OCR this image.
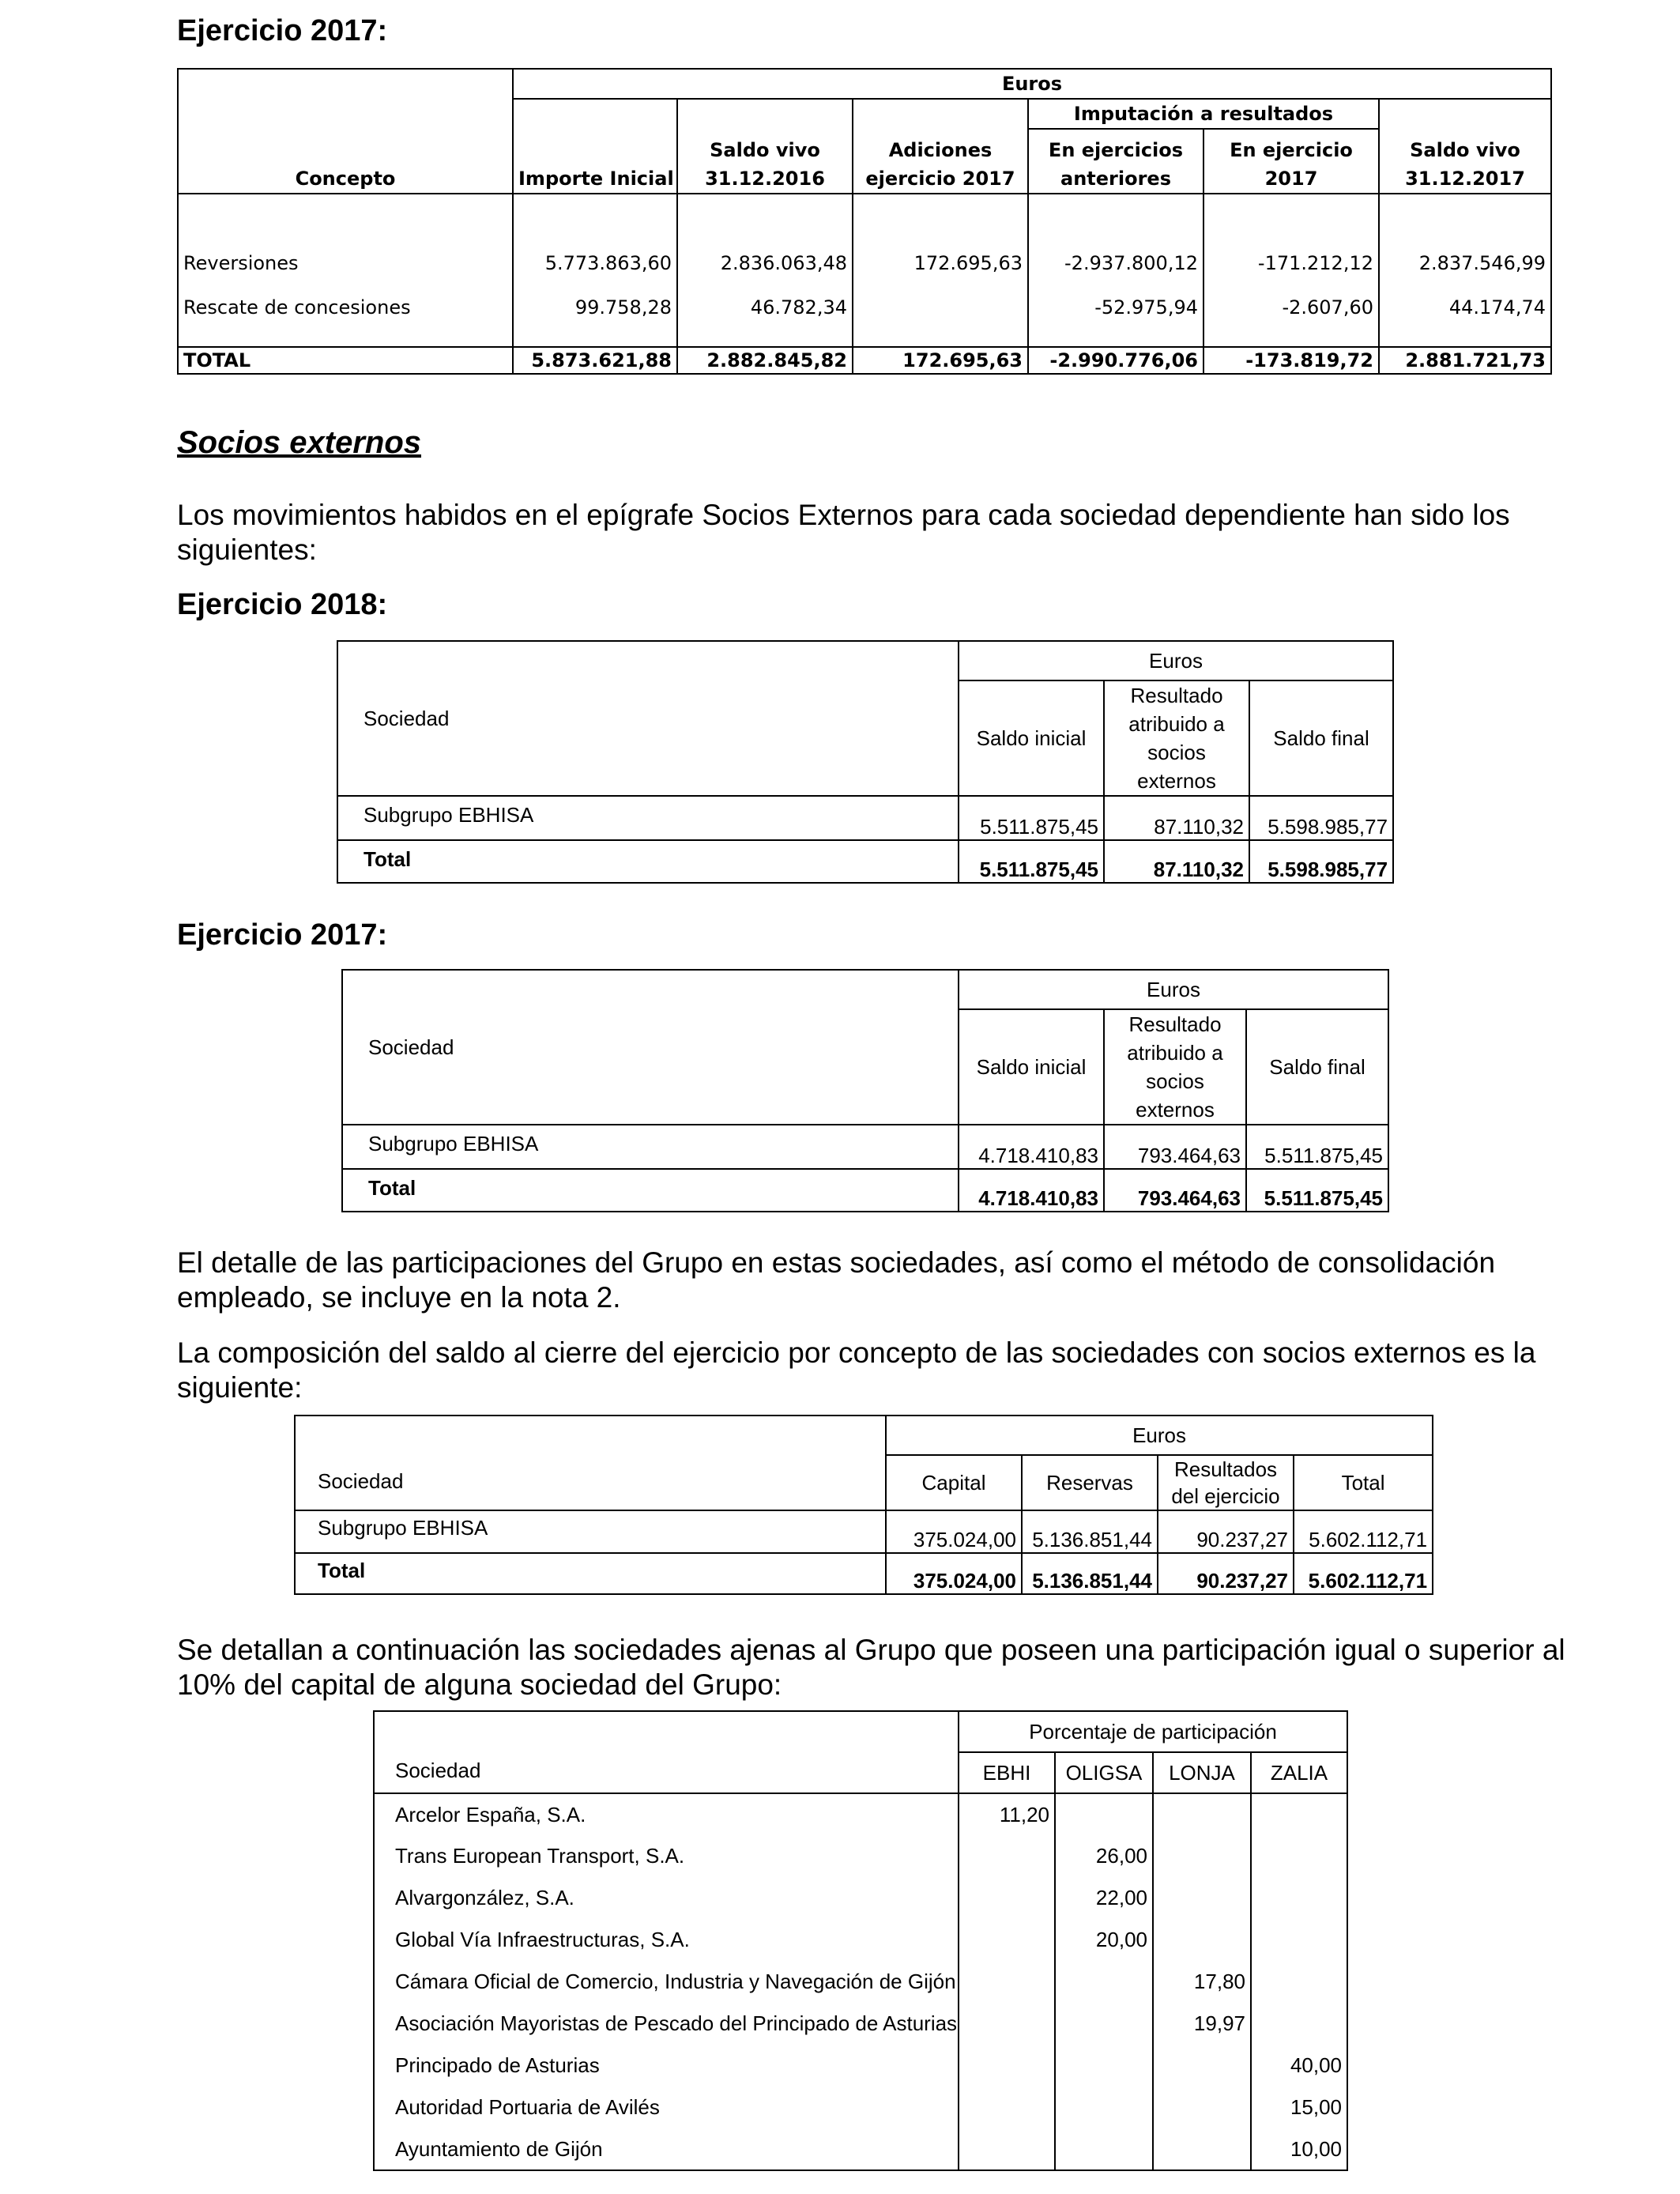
Ejercicio 2017:
Concepto	Euros					
	Importe Inicial	Saldo vivo 31.12.2016	Adiciones ejercicio 2017	Imputación a resultados		Saldo vivo 31.12.2017
				En ejercicios anteriores	En ejercicio 2017	
Reversiones	5.773.863,60	2.836.063,48	172.695,63	-2.937.800,12	-171.212,12	2.837.546,99
Rescate de concesiones	99.758,28	46.782,34		-52.975,94	-2.607,60	44.174,74
TOTAL	5.873.621,88	2.882.845,82	172.695,63	-2.990.776,06	-173.819,72	2.881.721,73
Socios externos
Los movimientos habidos en el epígrafe Socios Externos para cada sociedad dependiente han sido los siguientes:
Ejercicio 2018:
Sociedad	Euros		
	Saldo inicial	Resultado atribuido a socios externos	Saldo final
Subgrupo EBHISA	5.511.875,45	87.110,32	5.598.985,77
Total	5.511.875,45	87.110,32	5.598.985,77
Ejercicio 2017:
Sociedad	Euros		
	Saldo inicial	Resultado atribuido a socios externos	Saldo final
Subgrupo EBHISA	4.718.410,83	793.464,63	5.511.875,45
Total	4.718.410,83	793.464,63	5.511.875,45
El detalle de las participaciones del Grupo en estas sociedades, así como el método de consolidación empleado, se incluye en la nota 2.
La composición del saldo al cierre del ejercicio por concepto de las sociedades con socios externos es la siguiente:
Sociedad	Euros			
	Capital	Reservas	Resultados del ejercicio	Total
Subgrupo EBHISA	375.024,00	5.136.851,44	90.237,27	5.602.112,71
Total	375.024,00	5.136.851,44	90.237,27	5.602.112,71
Se detallan a continuación las sociedades ajenas al Grupo que poseen una participación igual o superior al 10% del capital de alguna sociedad del Grupo:
Sociedad	Porcentaje de participación			
	EBHI	OLIGSA	LONJA	ZALIA
Arcelor España, S.A.	11,20			
Trans European Transport, S.A.		26,00		
Alvargonzález, S.A.		22,00		
Global Vía Infraestructuras, S.A.		20,00		
Cámara Oficial de Comercio, Industria y Navegación de Gijón			17,80	
Asociación Mayoristas de Pescado del Principado de Asturias			19,97	
Principado de Asturias				40,00
Autoridad Portuaria de Avilés				15,00
Ayuntamiento de Gijón				10,00
